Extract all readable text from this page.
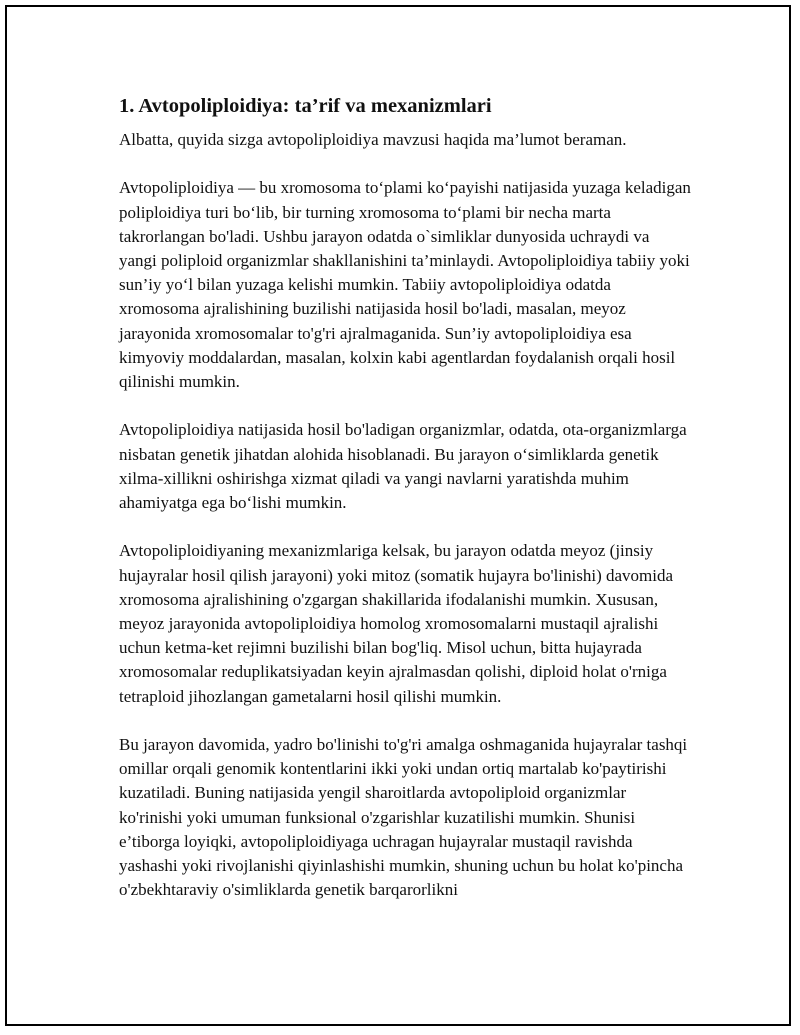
1. Avtopoliploidiya: ta’rif va mexanizmlari

Albatta, quyida sizga avtopoliploidiya mavzusi haqida ma’lumot beraman.

Avtopoliploidiya — bu xromosoma to‘plami ko‘payishi natijasida yuzaga keladigan poliploidiya turi bo‘lib, bir turning xromosoma to‘plami bir necha marta takrorlangan bo'ladi. Ushbu jarayon odatda o`simliklar dunyosida uchraydi va yangi poliploid organizmlar shakllanishini ta’minlaydi. Avtopoliploidiya tabiiy yoki sun’iy yo‘l bilan yuzaga kelishi mumkin. Tabiiy avtopoliploidiya odatda xromosoma ajralishining buzilishi natijasida hosil bo'ladi, masalan, meyoz jarayonida xromosomalar to'g'ri ajralmaganida. Sun’iy avtopoliploidiya esa kimyoviy moddalardan, masalan, kolxin kabi agentlardan foydalanish orqali hosil qilinishi mumkin.

Avtopoliploidiya natijasida hosil bo'ladigan organizmlar, odatda, ota-organizmlarga nisbatan genetik jihatdan alohida hisoblanadi. Bu jarayon o‘simliklarda genetik xilma-xillikni oshirishga xizmat qiladi va yangi navlarni yaratishda muhim ahamiyatga ega bo‘lishi mumkin.

Avtopoliploidiyaning mexanizmlariga kelsak, bu jarayon odatda meyoz (jinsiy hujayralar hosil qilish jarayoni) yoki mitoz (somatik hujayra bo'linishi) davomida xromosoma ajralishining o'zgargan shakillarida ifodalanishi mumkin. Xususan, meyoz jarayonida avtopoliploidiya homolog xromosomalarni mustaqil ajralishi uchun ketma-ket rejimni buzilishi bilan bog'liq. Misol uchun, bitta hujayrada xromosomalar reduplikatsiyadan keyin ajralmasdan qolishi, diploid holat o'rniga tetraploid jihozlangan gametalarni hosil qilishi mumkin.

Bu jarayon davomida, yadro bo'linishi to'g'ri amalga oshmaganida hujayralar tashqi omillar orqali genomik kontentlarini ikki yoki undan ortiq martalab ko'paytirishi kuzatiladi. Buning natijasida yengil sharoitlarda avtopoliploid organizmlar ko'rinishi yoki umuman funksional o'zgarishlar kuzatilishi mumkin. Shunisi e’tiborga loyiqki, avtopoliploidiyaga uchragan hujayralar mustaqil ravishda yashashi yoki rivojlanishi qiyinlashishi mumkin, shuning uchun bu holat ko'pincha o'zbekhtaraviy o'simliklarda genetik barqarorlikni
